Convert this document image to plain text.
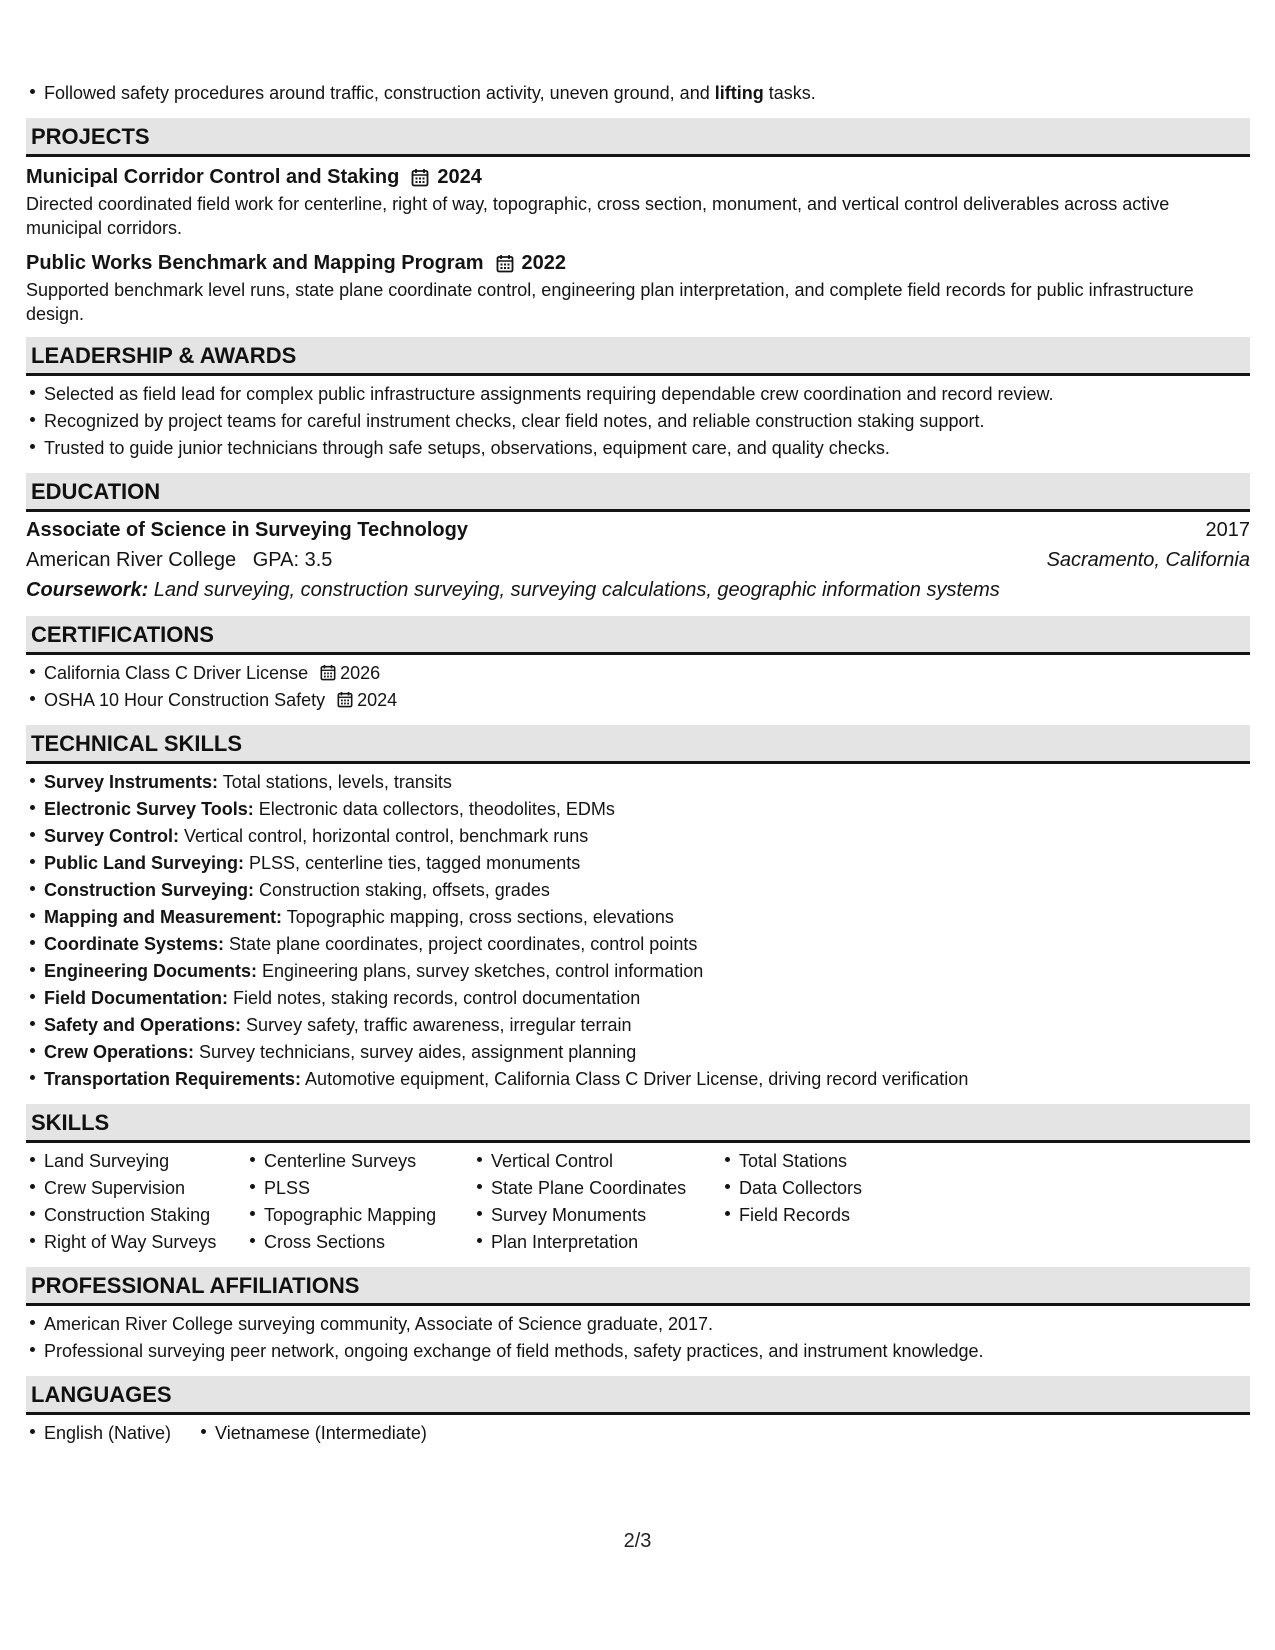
Followed safety procedures around traffic, construction activity, uneven ground, and lifting tasks.
PROJECTS
Municipal Corridor Control and Staking 2024
Directed coordinated field work for centerline, right of way, topographic, cross section, monument, and vertical control deliverables across active municipal corridors.
Public Works Benchmark and Mapping Program 2022
Supported benchmark level runs, state plane coordinate control, engineering plan interpretation, and complete field records for public infrastructure design.
LEADERSHIP & AWARDS
Selected as field lead for complex public infrastructure assignments requiring dependable crew coordination and record review.
Recognized by project teams for careful instrument checks, clear field notes, and reliable construction staking support.
Trusted to guide junior technicians through safe setups, observations, equipment care, and quality checks.
EDUCATION
Associate of Science in Surveying Technology	2017
American River College   GPA: 3.5	Sacramento, California
Coursework: Land surveying, construction surveying, surveying calculations, geographic information systems
CERTIFICATIONS
California Class C Driver License 2026
OSHA 10 Hour Construction Safety 2024
TECHNICAL SKILLS
Survey Instruments: Total stations, levels, transits
Electronic Survey Tools: Electronic data collectors, theodolites, EDMs
Survey Control: Vertical control, horizontal control, benchmark runs
Public Land Surveying: PLSS, centerline ties, tagged monuments
Construction Surveying: Construction staking, offsets, grades
Mapping and Measurement: Topographic mapping, cross sections, elevations
Coordinate Systems: State plane coordinates, project coordinates, control points
Engineering Documents: Engineering plans, survey sketches, control information
Field Documentation: Field notes, staking records, control documentation
Safety and Operations: Survey safety, traffic awareness, irregular terrain
Crew Operations: Survey technicians, survey aides, assignment planning
Transportation Requirements: Automotive equipment, California Class C Driver License, driving record verification
SKILLS
Land Surveying
Crew Supervision
Construction Staking
Right of Way Surveys
Centerline Surveys
PLSS
Topographic Mapping
Cross Sections
Vertical Control
State Plane Coordinates
Survey Monuments
Plan Interpretation
Total Stations
Data Collectors
Field Records
PROFESSIONAL AFFILIATIONS
American River College surveying community, Associate of Science graduate, 2017.
Professional surveying peer network, ongoing exchange of field methods, safety practices, and instrument knowledge.
LANGUAGES
English (Native) Vietnamese (Intermediate)
2/3
